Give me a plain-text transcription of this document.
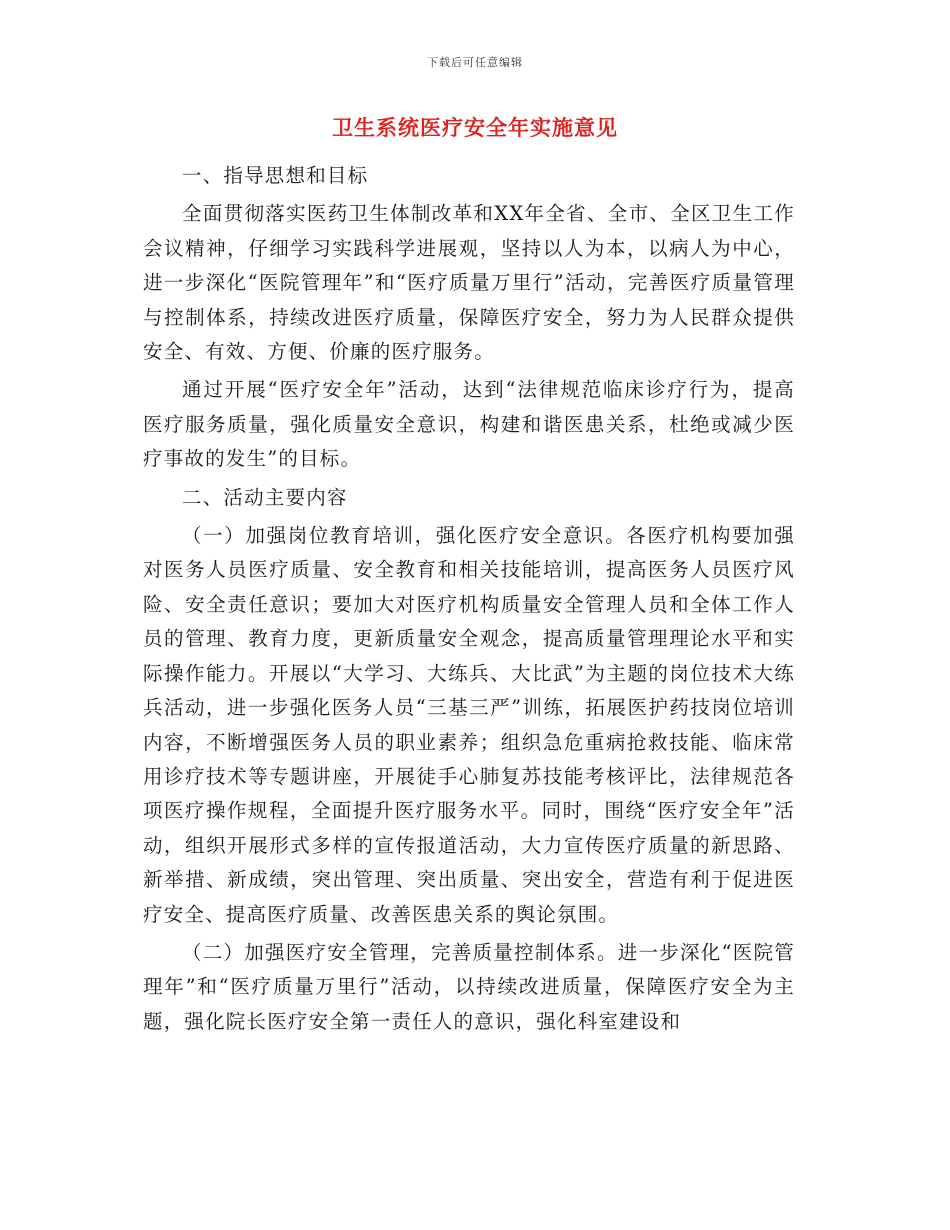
下载后可任意编辑
卫生系统医疗安全年实施意见

一、指导思想和目标

全面贯彻落实医药卫生体制改革和XX年全省、全市、全区卫生工作会议精神，仔细学习实践科学进展观，坚持以人为本，以病人为中心，进一步深化“医院管理年”和“医疗质量万里行”活动，完善医疗质量管理与控制体系，持续改进医疗质量，保障医疗安全，努力为人民群众提供安全、有效、方便、价廉的医疗服务。

通过开展“医疗安全年”活动，达到“法律规范临床诊疗行为，提高医疗服务质量，强化质量安全意识，构建和谐医患关系，杜绝或减少医疗事故的发生”的目标。

二、活动主要内容

（一）加强岗位教育培训，强化医疗安全意识。各医疗机构要加强对医务人员医疗质量、安全教育和相关技能培训，提高医务人员医疗风险、安全责任意识；要加大对医疗机构质量安全管理人员和全体工作人员的管理、教育力度，更新质量安全观念，提高质量管理理论水平和实际操作能力。开展以“大学习、大练兵、大比武”为主题的岗位技术大练兵活动，进一步强化医务人员“三基三严”训练，拓展医护药技岗位培训内容，不断增强医务人员的职业素养；组织急危重病抢救技能、临床常用诊疗技术等专题讲座，开展徒手心肺复苏技能考核评比，法律规范各项医疗操作规程，全面提升医疗服务水平。同时，围绕“医疗安全年”活动，组织开展形式多样的宣传报道活动，大力宣传医疗质量的新思路、新举措、新成绩，突出管理、突出质量、突出安全，营造有利于促进医疗安全、提高医疗质量、改善医患关系的舆论氛围。

（二）加强医疗安全管理，完善质量控制体系。进一步深化“医院管理年”和“医疗质量万里行”活动，以持续改进质量，保障医疗安全为主题，强化院长医疗安全第一责任人的意识，强化科室建设和
